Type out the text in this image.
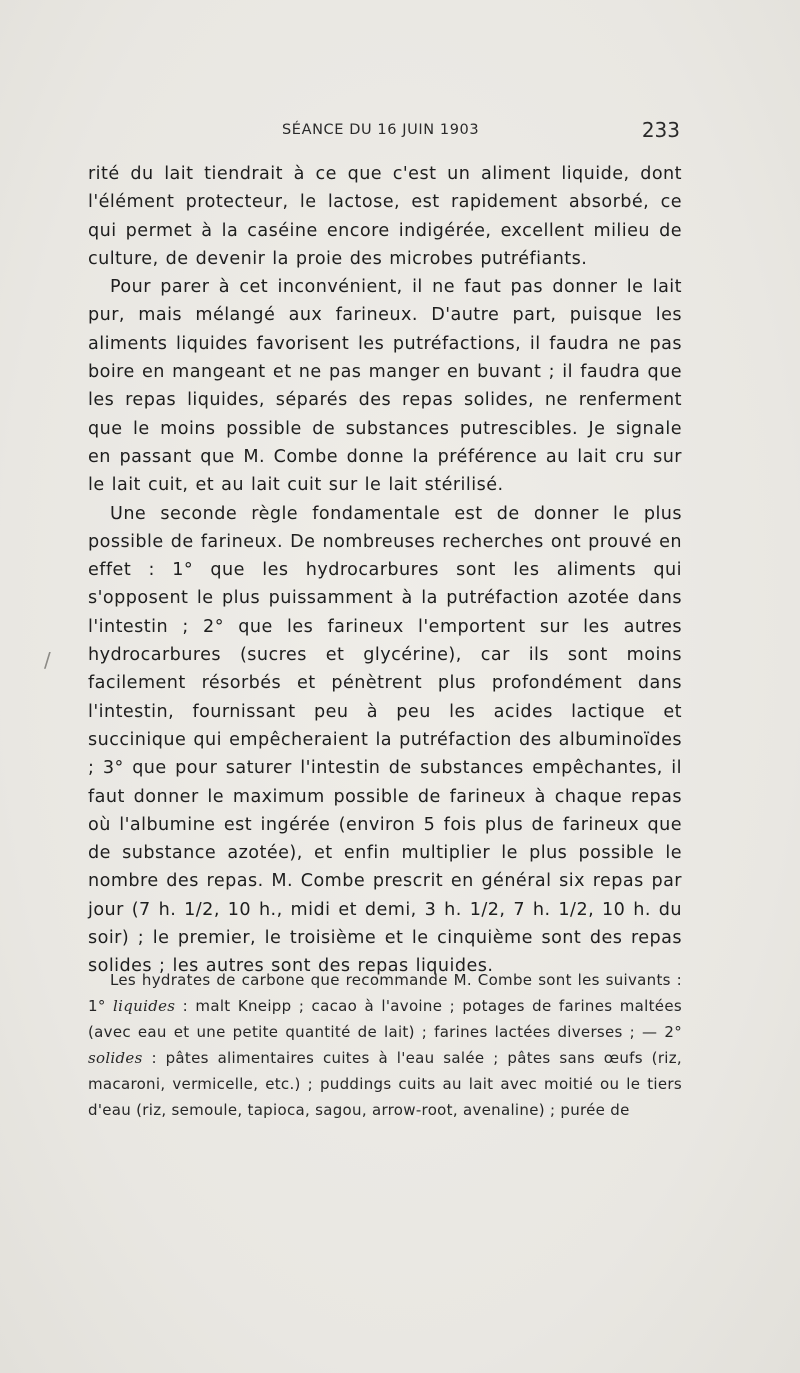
SÉANCE DU 16 JUIN 1903	233

rité du lait tiendrait à ce que c'est un aliment liquide, dont l'élément protecteur, le lactose, est rapidement absorbé, ce qui permet à la caséine encore indigérée, excellent milieu de culture, de devenir la proie des microbes putréfiants.

Pour parer à cet inconvénient, il ne faut pas donner le lait pur, mais mélangé aux farineux. D'autre part, puisque les aliments liquides favorisent les putréfactions, il faudra ne pas boire en mangeant et ne pas manger en buvant ; il faudra que les repas liquides, séparés des repas solides, ne renferment que le moins possible de substances putrescibles. Je signale en passant que M. Combe donne la préférence au lait cru sur le lait cuit, et au lait cuit sur le lait stérilisé.

Une seconde règle fondamentale est de donner le plus possible de farineux. De nombreuses recherches ont prouvé en effet : 1° que les hydrocarbures sont les aliments qui s'opposent le plus puissamment à la putréfaction azotée dans l'intestin ; 2° que les farineux l'emportent sur les autres hydrocarbures (sucres et glycérine), car ils sont moins facilement résorbés et pénètrent plus profondément dans l'intestin, fournissant peu à peu les acides lactique et succinique qui empêcheraient la putréfaction des albuminoïdes ; 3° que pour saturer l'intestin de substances empêchantes, il faut donner le maximum possible de farineux à chaque repas où l'albumine est ingérée (environ 5 fois plus de farineux que de substance azotée), et enfin multiplier le plus possible le nombre des repas. M. Combe prescrit en général six repas par jour (7 h. 1/2, 10 h., midi et demi, 3 h. 1/2, 7 h. 1/2, 10 h. du soir) ; le premier, le troisième et le cinquième sont des repas solides ; les autres sont des repas liquides.

Les hydrates de carbone que recommande M. Combe sont les suivants : 1° liquides : malt Kneipp ; cacao à l'avoine ; potages de farines maltées (avec eau et une petite quantité de lait) ; farines lactées diverses ; — 2° solides : pâtes alimentaires cuites à l'eau salée ; pâtes sans œufs (riz, macaroni, vermicelle, etc.) ; puddings cuits au lait avec moitié ou le tiers d'eau (riz, semoule, tapioca, sagou, arrow-root, avenaline) ; purée de

/
